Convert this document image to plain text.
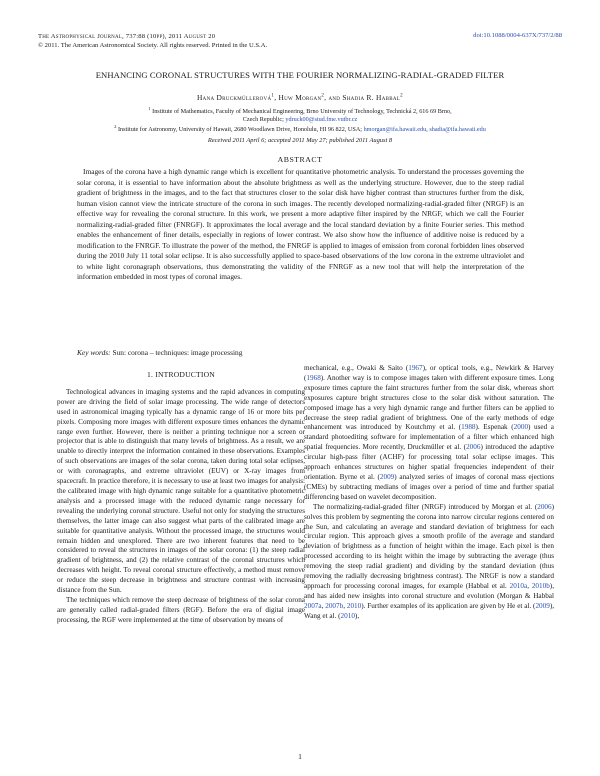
The Astrophysical Journal, 737:88 (10pp), 2011 August 20
© 2011. The American Astronomical Society. All rights reserved. Printed in the U.S.A.
doi:10.1088/0004-637X/737/2/88
ENHANCING CORONAL STRUCTURES WITH THE FOURIER NORMALIZING-RADIAL-GRADED FILTER
Hana Druckmüllerová$^1$, Huw Morgan$^2$, and Shadia R. Habbal$^2$
$^1$ Institute of Mathematics, Faculty of Mechanical Engineering, Brno University of Technology, Technická 2, 616 69 Brno,
Czech Republic; ydruck00@stud.fme.vutbr.cz
$^2$ Institute for Astronomy, University of Hawaii, 2680 Woodlawn Drive, Honolulu, HI 96 822, USA; hmorgan@ifa.hawaii.edu, shadia@ifa.hawaii.edu
Received 2011 April 6; accepted 2011 May 27; published 2011 August 8
ABSTRACT

Images of the corona have a high dynamic range which is excellent for quantitative photometric analysis. To understand the processes governing the solar corona, it is essential to have information about the absolute brightness as well as the underlying structure. However, due to the steep radial gradient of brightness in the images, and to the fact that structures closer to the solar disk have higher contrast than structures further from the disk, human vision cannot view the intricate structure of the corona in such images. The recently developed normalizing-radial-graded filter (NRGF) is an effective way for revealing the coronal structure. In this work, we present a more adaptive filter inspired by the NRGF, which we call the Fourier normalizing-radial-graded filter (FNRGF). It approximates the local average and the local standard deviation by a finite Fourier series. This method enables the enhancement of finer details, especially in regions of lower contrast. We also show how the influence of additive noise is reduced by a modification to the FNRGF. To illustrate the power of the method, the FNRGF is applied to images of emission from coronal forbidden lines observed during the 2010 July 11 total solar eclipse. It is also successfully applied to space-based observations of the low corona in the extreme ultraviolet and to white light coronagraph observations, thus demonstrating the validity of the FNRGF as a new tool that will help the interpretation of the information embedded in most types of coronal images.

Key words: Sun: corona – techniques: image processing
1. INTRODUCTION

Technological advances in imaging systems and the rapid advances in computing power are driving the field of solar image processing. The wide range of detectors used in astronomical imaging typically has a dynamic range of 16 or more bits per pixels. Composing more images with different exposure times enhances the dynamic range even further. However, there is neither a printing technique nor a screen or projector that is able to distinguish that many levels of brightness. As a result, we are unable to directly interpret the information contained in these observations. Examples of such observations are images of the solar corona, taken during total solar eclipses, or with coronagraphs, and extreme ultraviolet (EUV) or X-ray images from spacecraft. In practice therefore, it is necessary to use at least two images for analysis: the calibrated image with high dynamic range suitable for a quantitative photometric analysis and a processed image with the reduced dynamic range necessary for revealing the underlying coronal structure. Useful not only for studying the structures themselves, the latter image can also suggest what parts of the calibrated image are suitable for quantitative analysis. Without the processed image, the structures would remain hidden and unexplored. There are two inherent features that need to be considered to reveal the structures in images of the solar corona: (1) the steep radial gradient of brightness, and (2) the relative contrast of the coronal structures which decreases with height. To reveal coronal structure effectively, a method must remove or reduce the steep decrease in brightness and structure contrast with increasing distance from the Sun.

The techniques which remove the steep decrease of brightness of the solar corona are generally called radial-graded filters (RGF). Before the era of digital image processing, the RGF were implemented at the time of observation by means of

mechanical, e.g., Owaki & Saito (1967), or optical tools, e.g., Newkirk & Harvey (1968). Another way is to compose images taken with different exposure times. Long exposure times capture the faint structures further from the solar disk, whereas short exposures capture bright structures close to the solar disk without saturation. The composed image has a very high dynamic range and further filters can be applied to decrease the steep radial gradient of brightness. One of the early methods of edge enhancement was introduced by Koutchmy et al. (1988). Espenak (2000) used a standard photoediting software for implementation of a filter which enhanced high spatial frequencies. More recently, Druckmüller et al. (2006) introduced the adaptive circular high-pass filter (ACHF) for processing total solar eclipse images. This approach enhances structures on higher spatial frequencies independent of their orientation. Byrne et al. (2009) analyzed series of images of coronal mass ejections (CMEs) by subtracting medians of images over a period of time and further spatial differencing based on wavelet decomposition.

The normalizing-radial-graded filter (NRGF) introduced by Morgan et al. (2006) solves this problem by segmenting the corona into narrow circular regions centered on the Sun, and calculating an average and standard deviation of brightness for each circular region. This approach gives a smooth profile of the average and standard deviation of brightness as a function of height within the image. Each pixel is then processed according to its height within the image by subtracting the average (thus removing the steep radial gradient) and dividing by the standard deviation (thus removing the radially decreasing brightness contrast). The NRGF is now a standard approach for processing coronal images, for example (Habbal et al. 2010a, 2010b), and has aided new insights into coronal structure and evolution (Morgan & Habbal 2007a, 2007b, 2010). Further examples of its application are given by He et al. (2009), Wang et al. (2010),

1
